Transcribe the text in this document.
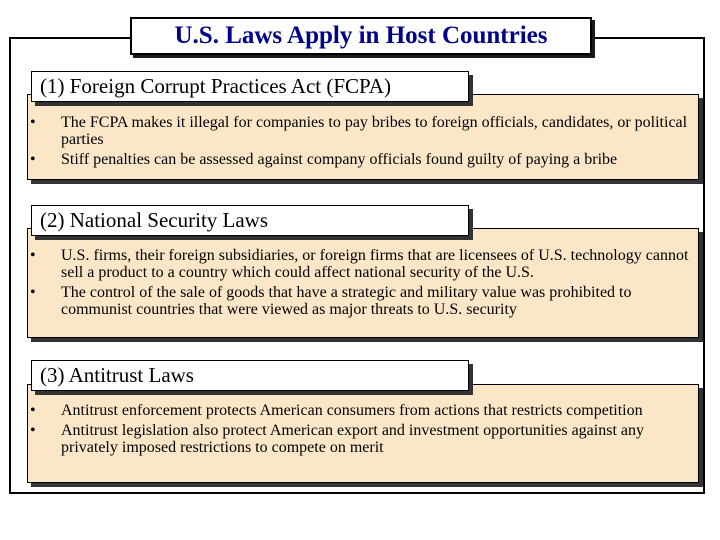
U.S. Laws Apply in Host Countries
(1) Foreign Corrupt Practices Act (FCPA)
• The FCPA makes it illegal for companies to pay bribes to foreign officials, candidates, or political parties
• Stiff penalties can be assessed against company officials found guilty of paying a bribe
(2) National Security Laws
• U.S. firms, their foreign subsidiaries, or foreign firms that are licensees of U.S. technology cannot sell a product to a country which could affect national security of the U.S.
• The control of the sale of goods that have a strategic and military value was prohibited to communist countries that were viewed as major threats to U.S. security
(3) Antitrust Laws
• Antitrust enforcement protects American consumers from actions that restricts competition
• Antitrust legislation also protect American export and investment opportunities against any privately imposed restrictions to compete on merit
